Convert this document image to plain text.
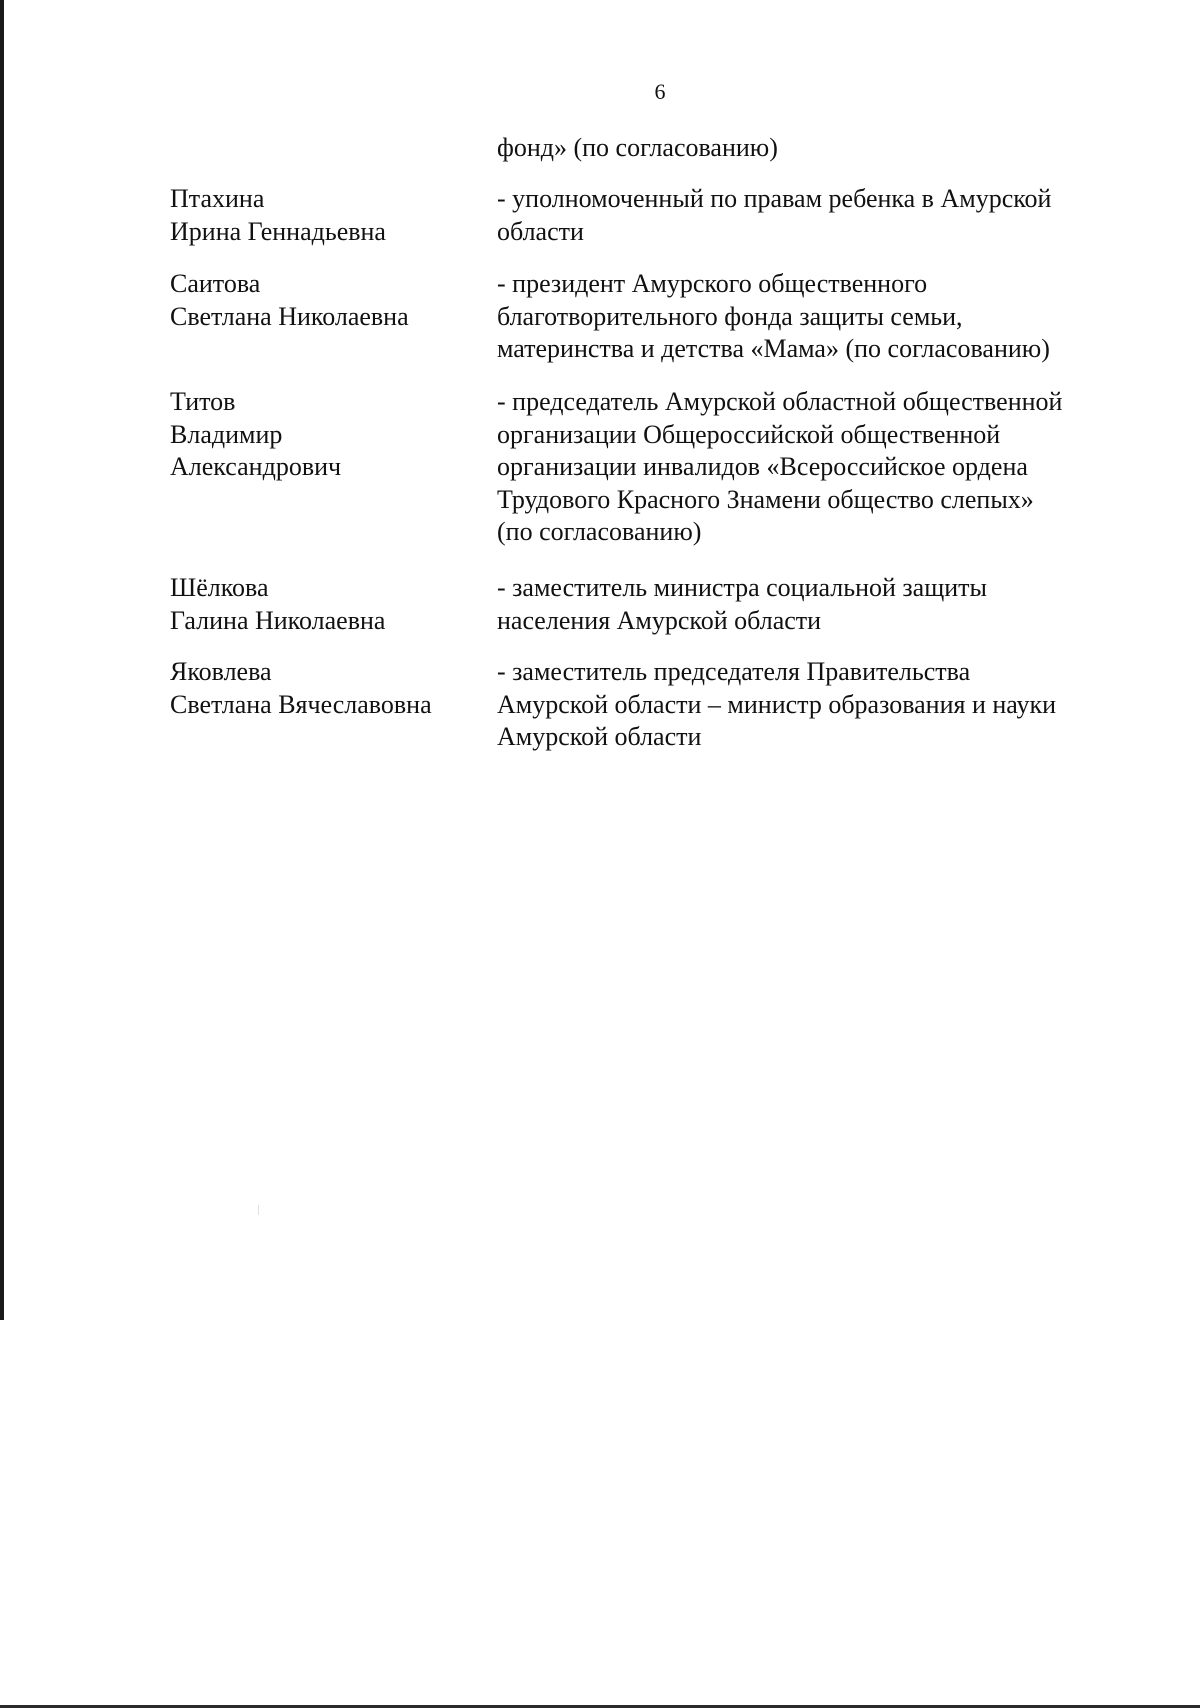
6
фонд» (по согласованию)
Птахина
Ирина Геннадьевна
- уполномоченный по правам ребенка в Амурской
области
Саитова
Светлана Николаевна
- президент Амурского общественного
благотворительного фонда защиты семьи,
материнства и детства «Мама» (по согласованию)
Титов
Владимир
Александрович
- председатель Амурской областной общественной
организации Общероссийской общественной
организации инвалидов «Всероссийское ордена
Трудового Красного Знамени общество слепых»
(по согласованию)
Шёлкова
Галина Николаевна
- заместитель министра социальной защиты
населения Амурской области
Яковлева
Светлана Вячеславовна
- заместитель председателя Правительства
Амурской области – министр образования и науки
Амурской области
